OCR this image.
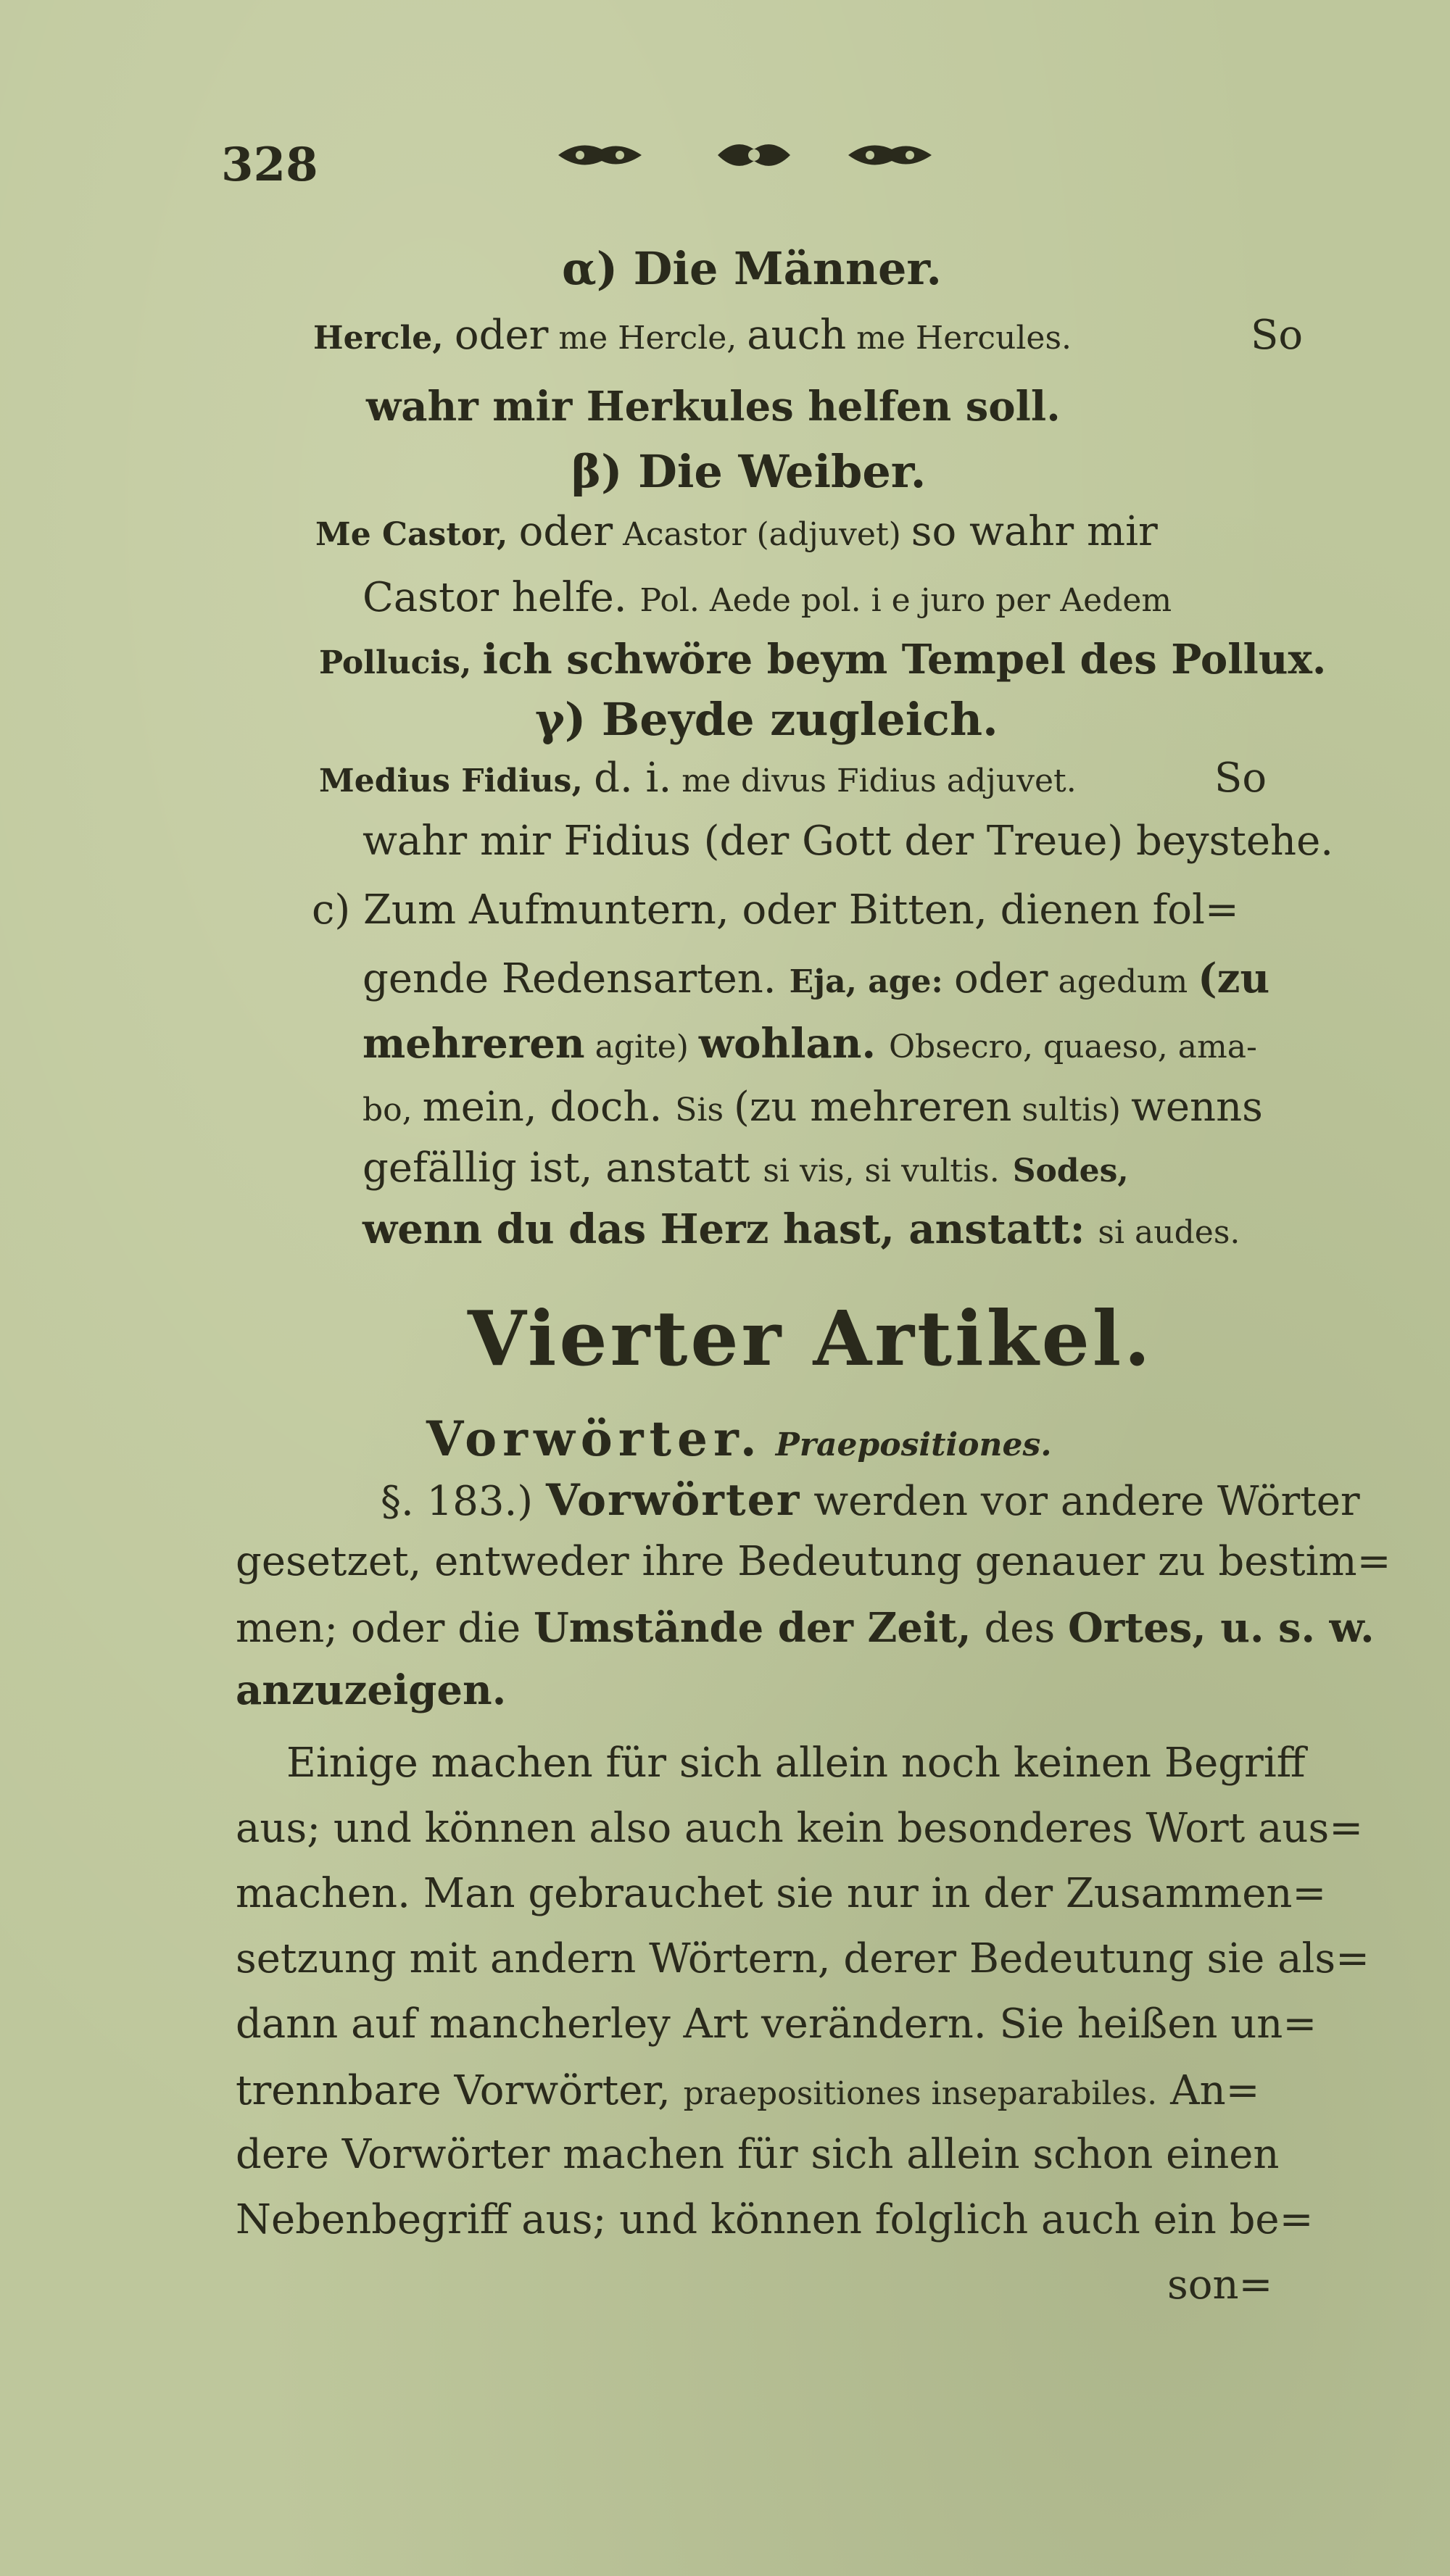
328
α) Die Männer.
Hercle, oder me Hercle, auch me Hercules.	So
wahr mir Herkules helfen soll.
β) Die Weiber.
Me Castor, oder Acastor (adjuvet) so wahr mir
Castor helfe. Pol. Aede pol. i e juro per Aedem
Pollucis, ich schwöre beym Tempel des Pollux.
γ) Beyde zugleich.
Medius Fidius, d. i. me divus Fidius adjuvet.	So
wahr mir Fidius (der Gott der Treue) beystehe.
c) Zum Aufmuntern, oder Bitten, dienen fol=
gende Redensarten. Eja, age: oder agedum (zu
mehreren agite) wohlan. Obsecro, quaeso, ama-
bo, mein, doch. Sis (zu mehreren sultis) wenns
gefällig ist, anstatt si vis, si vultis. Sodes,
wenn du das Herz hast, anstatt: si audes.
Vierter Artikel.
Vorwörter. Praepositiones.
§. 183.) Vorwörter werden vor andere Wörter
gesetzet, entweder ihre Bedeutung genauer zu bestim=
men; oder die Umstände der Zeit, des Ortes, u. s. w.
anzuzeigen.
Einige machen für sich allein noch keinen Begriff
aus; und können also auch kein besonderes Wort aus=
machen. Man gebrauchet sie nur in der Zusammen=
setzung mit andern Wörtern, derer Bedeutung sie als=
dann auf mancherley Art verändern. Sie heißen un=
trennbare Vorwörter, praepositiones inseparabiles. An=
dere Vorwörter machen für sich allein schon einen
Nebenbegriff aus; und können folglich auch ein be=
son=
